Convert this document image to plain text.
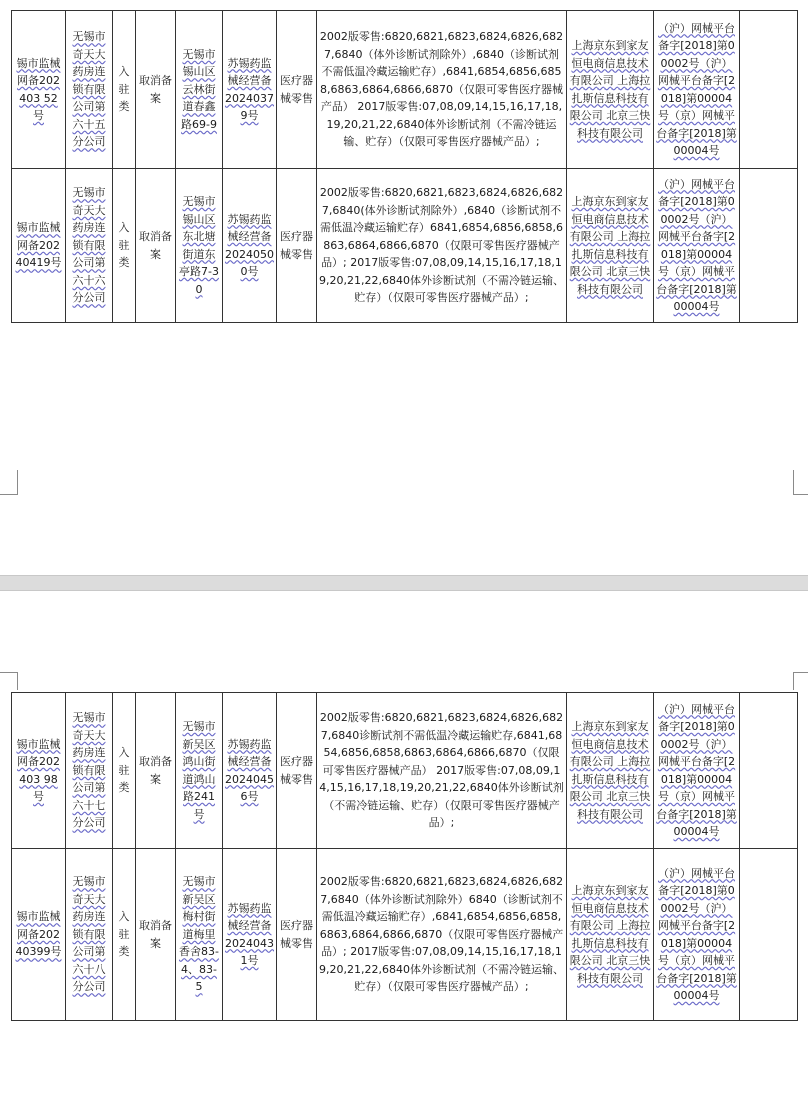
锡市监械网备202403 52号	无锡市奇天大药房连锁有限公司第六十五分公司	入驻类	取消备案	无锡市锡山区云林街道春鑫路69-9	苏锡药监械经营备20240379号	医疗器械零售	2002版零售:6820,6821,6823,6824,6826,6827,6840（体外诊断试剂除外）,6840（诊断试剂不需低温冷藏运输贮存）,6841,6854,6856,6858,6863,6864,6866,6870（仅限可零售医疗器械产品） 2017版零售:07,08,09,14,15,16,17,18,19,20,21,22,6840体外诊断试剂（不需冷链运输、贮存）（仅限可零售医疗器械产品）;	上海京东到家友恒电商信息技术有限公司 上海拉扎斯信息科技有限公司 北京三快科技有限公司	（沪）网械平台备字[2018]第00002号（沪）网械平台备字[2018]第00004号（京）网械平台备字[2018]第00004号	
锡市监械网备20240419号	无锡市奇天大药房连锁有限公司第六十六分公司	入驻类	取消备案	无锡市锡山区东北塘街道东亭路7-30	苏锡药监械经营备20240500号	医疗器械零售	2002版零售:6820,6821,6823,6824,6826,6827,6840(体外诊断试剂除外）,6840（诊断试剂不需低温冷藏运输贮存）6841,6854,6856,6858,6863,6864,6866,6870（仅限可零售医疗器械产品）; 2017版零售:07,08,09,14,15,16,17,18,19,20,21,22,6840体外诊断试剂（不需冷链运输、贮存）（仅限可零售医疗器械产品）;	上海京东到家友恒电商信息技术有限公司 上海拉扎斯信息科技有限公司 北京三快科技有限公司	（沪）网械平台备字[2018]第00002号（沪）网械平台备字[2018]第00004号（京）网械平台备字[2018]第00004号	
锡市监械网备202403 98号	无锡市奇天大药房连锁有限公司第六十七分公司	入驻类	取消备案	无锡市新吴区鸿山街道鸿山路241号	苏锡药监械经营备20240456号	医疗器械零售	2002版零售:6820,6821,6823,6824,6826,6827,6840诊断试剂不需低温冷藏运输贮存,6841,6854,6856,6858,6863,6864,6866,6870（仅限可零售医疗器械产品） 2017版零售:07,08,09,14,15,16,17,18,19,20,21,22,6840体外诊断试剂（不需冷链运输、贮存）（仅限可零售医疗器械产品）;	上海京东到家友恒电商信息技术有限公司 上海拉扎斯信息科技有限公司 北京三快科技有限公司	（沪）网械平台备字[2018]第00002号（沪）网械平台备字[2018]第00004号（京）网械平台备字[2018]第00004号	
锡市监械网备20240399号	无锡市奇天大药房连锁有限公司第六十八分公司	入驻类	取消备案	无锡市新吴区梅村街道梅里香舍83-4、83-5	苏锡药监械经营备20240431号	医疗器械零售	2002版零售:6820,6821,6823,6824,6826,6827,6840（体外诊断试剂除外）6840（诊断试剂不需低温冷藏运输贮存）,6841,6854,6856,6858,6863,6864,6866,6870（仅限可零售医疗器械产品）; 2017版零售:07,08,09,14,15,16,17,18,19,20,21,22,6840体外诊断试剂（不需冷链运输、贮存）（仅限可零售医疗器械产品）;	上海京东到家友恒电商信息技术有限公司 上海拉扎斯信息科技有限公司 北京三快科技有限公司	（沪）网械平台备字[2018]第00002号（沪）网械平台备字[2018]第00004号（京）网械平台备字[2018]第00004号	
